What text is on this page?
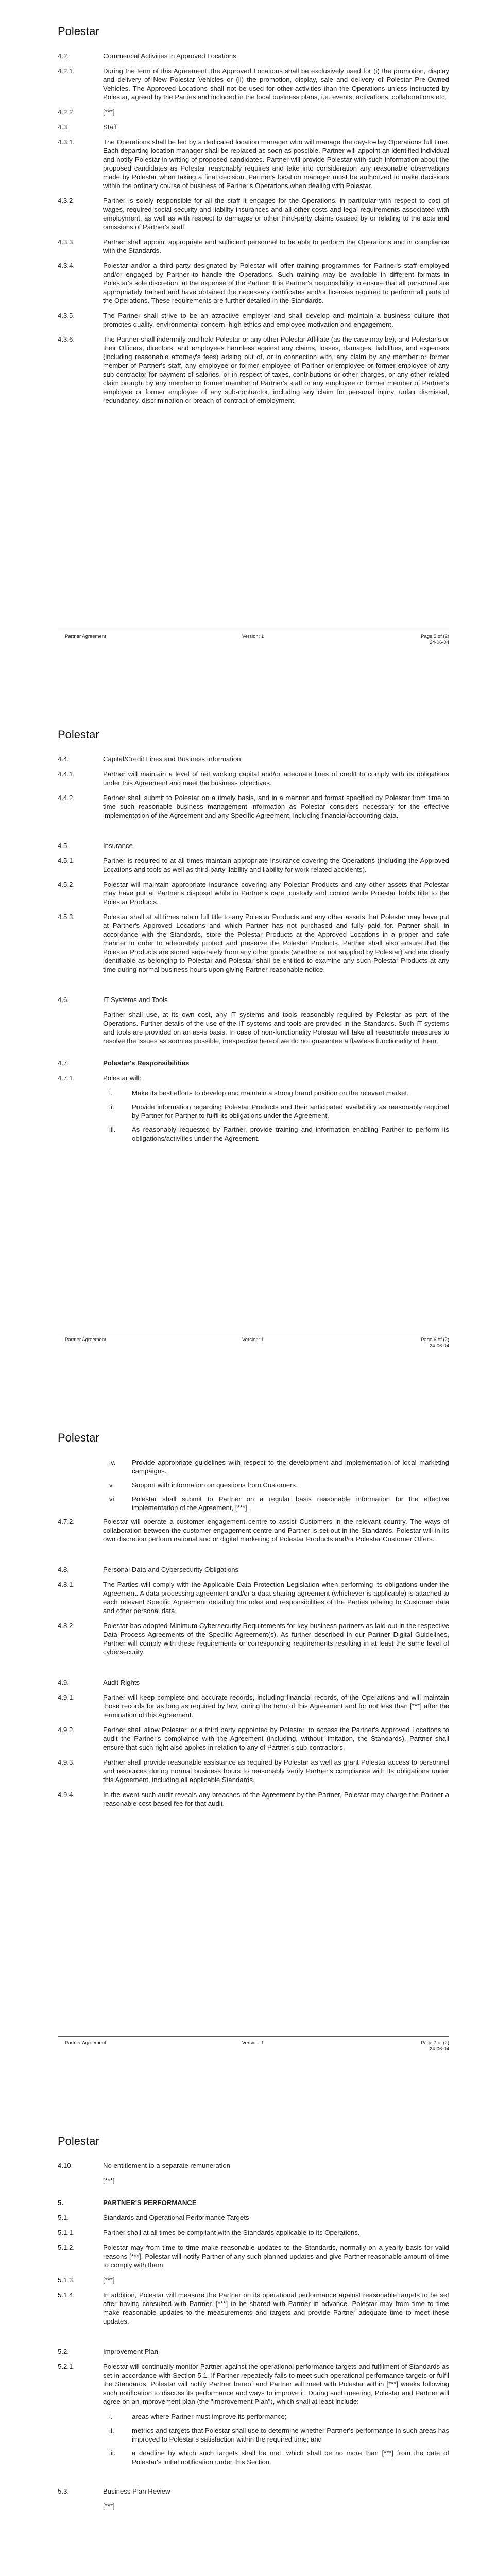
Polestar
4.2.	Commercial Activities in Approved Locations
4.2.1.	During the term of this Agreement, the Approved Locations shall be exclusively used for (i) the promotion, display and delivery of New Polestar Vehicles or (ii) the promotion, display, sale and delivery of Polestar Pre-Owned Vehicles. The Approved Locations shall not be used for other activities than the Operations unless instructed by Polestar, agreed by the Parties and included in the local business plans, i.e. events, activations, collaborations etc.
4.2.2.	[***]
4.3.	Staff
4.3.1.	The Operations shall be led by a dedicated location manager who will manage the day-to-day Operations full time. Each departing location manager shall be replaced as soon as possible. Partner will appoint an identified individual and notify Polestar in writing of proposed candidates. Partner will provide Polestar with such information about the proposed candidates as Polestar reasonably requires and take into consideration any reasonable observations made by Polestar when taking a final decision. Partner's location manager must be authorized to make decisions within the ordinary course of business of Partner's Operations when dealing with Polestar.
4.3.2.	Partner is solely responsible for all the staff it engages for the Operations, in particular with respect to cost of wages, required social security and liability insurances and all other costs and legal requirements associated with employment, as well as with respect to damages or other third-party claims caused by or relating to the acts and omissions of Partner's staff.
4.3.3.	Partner shall appoint appropriate and sufficient personnel to be able to perform the Operations and in compliance with the Standards.
4.3.4.	Polestar and/or a third-party designated by Polestar will offer training programmes for Partner's staff employed and/or engaged by Partner to handle the Operations. Such training may be available in different formats in Polestar's sole discretion, at the expense of the Partner. It is Partner's responsibility to ensure that all personnel are appropriately trained and have obtained the necessary certificates and/or licenses required to perform all parts of the Operations. These requirements are further detailed in the Standards.
4.3.5.	The Partner shall strive to be an attractive employer and shall develop and maintain a business culture that promotes quality, environmental concern, high ethics and employee motivation and engagement.
4.3.6.	The Partner shall indemnify and hold Polestar or any other Polestar Affiliate (as the case may be), and Polestar's or their Officers, directors, and employees harmless against any claims, losses, damages, liabilities, and expenses (including reasonable attorney's fees) arising out of, or in connection with, any claim by any member or former member of Partner's staff, any employee or former employee of Partner or employee or former employee of any sub-contractor for payment of salaries, or in respect of taxes, contributions or other charges, or any other related claim brought by any member or former member of Partner's staff or any employee or former member of Partner's employee or former employee of any sub-contractor, including any claim for personal injury, unfair dismissal, redundancy, discrimination or breach of contract of employment.
Partner Agreement	Version: 1	Page 5 of (2)
24-06-04
Polestar
4.4.	Capital/Credit Lines and Business Information
4.4.1.	Partner will maintain a level of net working capital and/or adequate lines of credit to comply with its obligations under this Agreement and meet the business objectives.
4.4.2.	Partner shall submit to Polestar on a timely basis, and in a manner and format specified by Polestar from time to time such reasonable business management information as Polestar considers necessary for the effective implementation of the Agreement and any Specific Agreement, including financial/accounting data.
4.5.	Insurance
4.5.1.	Partner is required to at all times maintain appropriate insurance covering the Operations (including the Approved Locations and tools as well as third party liability and liability for work related accidents).
4.5.2.	Polestar will maintain appropriate insurance covering any Polestar Products and any other assets that Polestar may have put at Partner's disposal while in Partner's care, custody and control while Polestar holds title to the Polestar Products.
4.5.3.	Polestar shall at all times retain full title to any Polestar Products and any other assets that Polestar may have put at Partner's Approved Locations and which Partner has not purchased and fully paid for. Partner shall, in accordance with the Standards, store the Polestar Products at the Approved Locations in a proper and safe manner in order to adequately protect and preserve the Polestar Products. Partner shall also ensure that the Polestar Products are stored separately from any other goods (whether or not supplied by Polestar) and are clearly identifiable as belonging to Polestar and Polestar shall be entitled to examine any such Polestar Products at any time during normal business hours upon giving Partner reasonable notice.
4.6.	IT Systems and Tools
Partner shall use, at its own cost, any IT systems and tools reasonably required by Polestar as part of the Operations. Further details of the use of the IT systems and tools are provided in the Standards. Such IT systems and tools are provided on an as-is basis. In case of non-functionality Polestar will take all reasonable measures to resolve the issues as soon as possible, irrespective hereof we do not guarantee a flawless functionality of them.
4.7.	Polestar's Responsibilities
4.7.1.	Polestar will:
i.	Make its best efforts to develop and maintain a strong brand position on the relevant market,
ii.	Provide information regarding Polestar Products and their anticipated availability as reasonably required by Partner for Partner to fulfil its obligations under the Agreement.
iii.	As reasonably requested by Partner, provide training and information enabling Partner to perform its obligations/activities under the Agreement.
Partner Agreement	Version: 1	Page 6 of (2)
24-06-04
Polestar
iv.	Provide appropriate guidelines with respect to the development and implementation of local marketing campaigns.
v.	Support with information on questions from Customers.
vi.	Polestar shall submit to Partner on a regular basis reasonable information for the effective implementation of the Agreement, [***].
4.7.2.	Polestar will operate a customer engagement centre to assist Customers in the relevant country. The ways of collaboration between the customer engagement centre and Partner is set out in the Standards. Polestar will in its own discretion perform national and or digital marketing of Polestar Products and/or Polestar Customer Offers.
4.8.	Personal Data and Cybersecurity Obligations
4.8.1.	The Parties will comply with the Applicable Data Protection Legislation when performing its obligations under the Agreement. A data processing agreement and/or a data sharing agreement (whichever is applicable) is attached to each relevant Specific Agreement detailing the roles and responsibilities of the Parties relating to Customer data and other personal data.
4.8.2.	Polestar has adopted Minimum Cybersecurity Requirements for key business partners as laid out in the respective Data Process Agreements of the Specific Agreement(s). As further described in our Partner Digital Guidelines, Partner will comply with these requirements or corresponding requirements resulting in at least the same level of cybersecurity.
4.9.	Audit Rights
4.9.1.	Partner will keep complete and accurate records, including financial records, of the Operations and will maintain those records for as long as required by law, during the term of this Agreement and for not less than [***] after the termination of this Agreement.
4.9.2.	Partner shall allow Polestar, or a third party appointed by Polestar, to access the Partner's Approved Locations to audit the Partner's compliance with the Agreement (including, without limitation, the Standards). Partner shall ensure that such right also applies in relation to any of Partner's sub-contractors.
4.9.3.	Partner shall provide reasonable assistance as required by Polestar as well as grant Polestar access to personnel and resources during normal business hours to reasonably verify Partner's compliance with its obligations under this Agreement, including all applicable Standards.
4.9.4.	In the event such audit reveals any breaches of the Agreement by the Partner, Polestar may charge the Partner a reasonable cost-based fee for that audit.
Partner Agreement	Version: 1	Page 7 of (2)
24-06-04
Polestar
4.10.	No entitlement to a separate remuneration
[***]
5.	PARTNER'S PERFORMANCE
5.1.	Standards and Operational Performance Targets
5.1.1.	Partner shall at all times be compliant with the Standards applicable to its Operations.
5.1.2.	Polestar may from time to time make reasonable updates to the Standards, normally on a yearly basis for valid reasons [***]. Polestar will notify Partner of any such planned updates and give Partner reasonable amount of time to comply with them.
5.1.3.	[***]
5.1.4.	In addition, Polestar will measure the Partner on its operational performance against reasonable targets to be set after having consulted with Partner. [***] to be shared with Partner in advance. Polestar may from time to time make reasonable updates to the measurements and targets and provide Partner adequate time to meet these updates.
5.2.	Improvement Plan
5.2.1.	Polestar will continually monitor Partner against the operational performance targets and fulfilment of Standards as set in accordance with Section 5.1. If Partner repeatedly fails to meet such operational performance targets or fulfil the Standards, Polestar will notify Partner hereof and Partner will meet with Polestar within [***] weeks following such notification to discuss its performance and ways to improve it. During such meeting, Polestar and Partner will agree on an improvement plan (the "Improvement Plan"), which shall at least include:
i.	areas where Partner must improve its performance;
ii.	metrics and targets that Polestar shall use to determine whether Partner's performance in such areas has improved to Polestar's satisfaction within the required time; and
iii.	a deadline by which such targets shall be met, which shall be no more than [***] from the date of Polestar's initial notification under this Section.
5.3.	Business Plan Review
[***]
